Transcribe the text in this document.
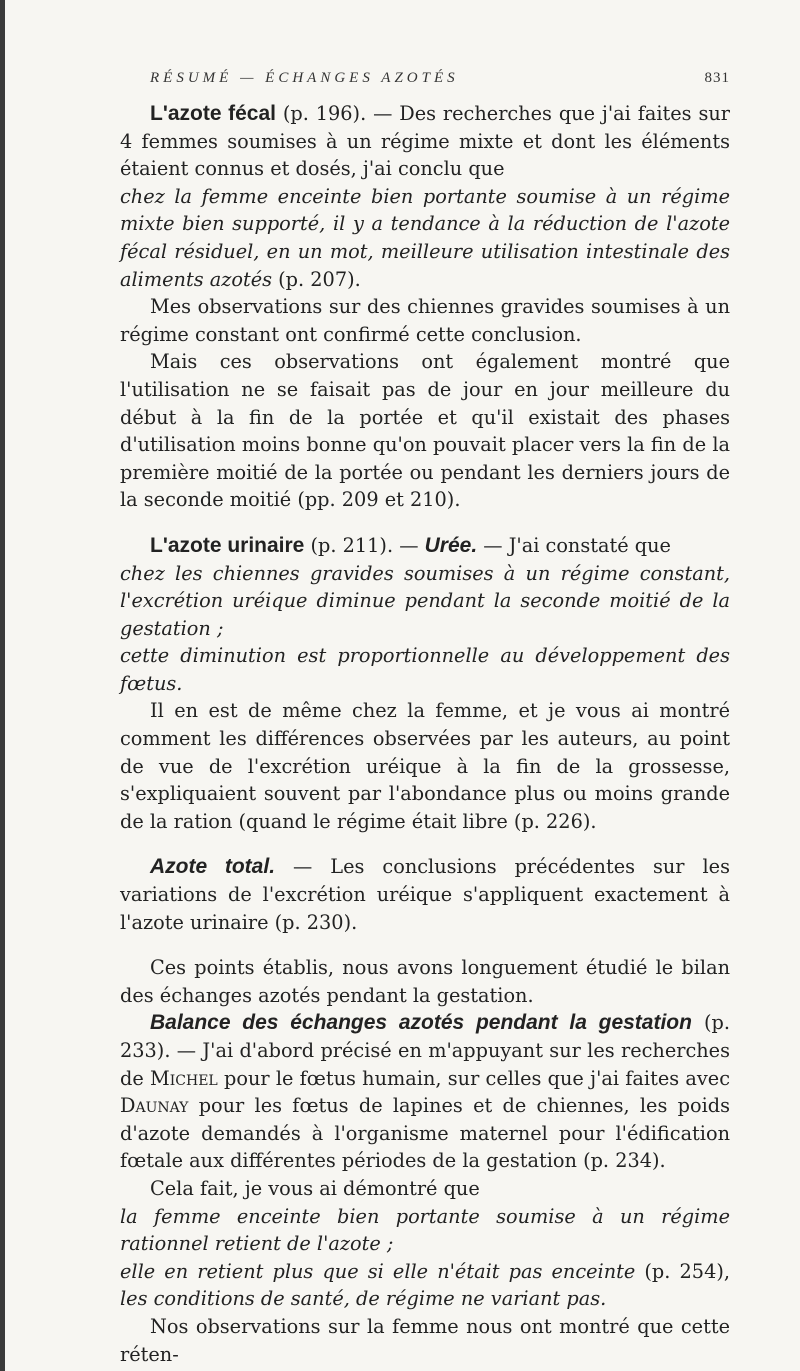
RÉSUMÉ — ÉCHANGES AZOTÉS	831

L'azote fécal (p. 196). — Des recherches que j'ai faites sur 4 femmes soumises à un régime mixte et dont les éléments étaient connus et dosés, j'ai conclu que

chez la femme enceinte bien portante soumise à un régime mixte bien supporté, il y a tendance à la réduction de l'azote fécal résiduel, en un mot, meilleure utilisation intestinale des aliments azotés (p. 207).

Mes observations sur des chiennes gravides soumises à un régime constant ont confirmé cette conclusion.

Mais ces observations ont également montré que l'utilisation ne se faisait pas de jour en jour meilleure du début à la fin de la portée et qu'il existait des phases d'utilisation moins bonne qu'on pouvait placer vers la fin de la première moitié de la portée ou pendant les derniers jours de la seconde moitié (pp. 209 et 210).

L'azote urinaire (p. 211). — Urée. — J'ai constaté que

chez les chiennes gravides soumises à un régime constant, l'excrétion uréique diminue pendant la seconde moitié de la gestation ;

cette diminution est proportionnelle au développement des fœtus.

Il en est de même chez la femme, et je vous ai montré comment les différences observées par les auteurs, au point de vue de l'excrétion uréique à la fin de la grossesse, s'expliquaient souvent par l'abondance plus ou moins grande de la ration (quand le régime était libre (p. 226).

Azote total. — Les conclusions précédentes sur les variations de l'excrétion uréique s'appliquent exactement à l'azote urinaire (p. 230).

Ces points établis, nous avons longuement étudié le bilan des échanges azotés pendant la gestation.

Balance des échanges azotés pendant la gestation (p. 233). — J'ai d'abord précisé en m'appuyant sur les recherches de Michel pour le fœtus humain, sur celles que j'ai faites avec Daunay pour les fœtus de lapines et de chiennes, les poids d'azote demandés à l'organisme maternel pour l'édification fœtale aux différentes périodes de la gestation (p. 234).

Cela fait, je vous ai démontré que

la femme enceinte bien portante soumise à un régime rationnel retient de l'azote ;

elle en retient plus que si elle n'était pas enceinte (p. 254), les conditions de santé, de régime ne variant pas.

Nos observations sur la femme nous ont montré que cette réten-
